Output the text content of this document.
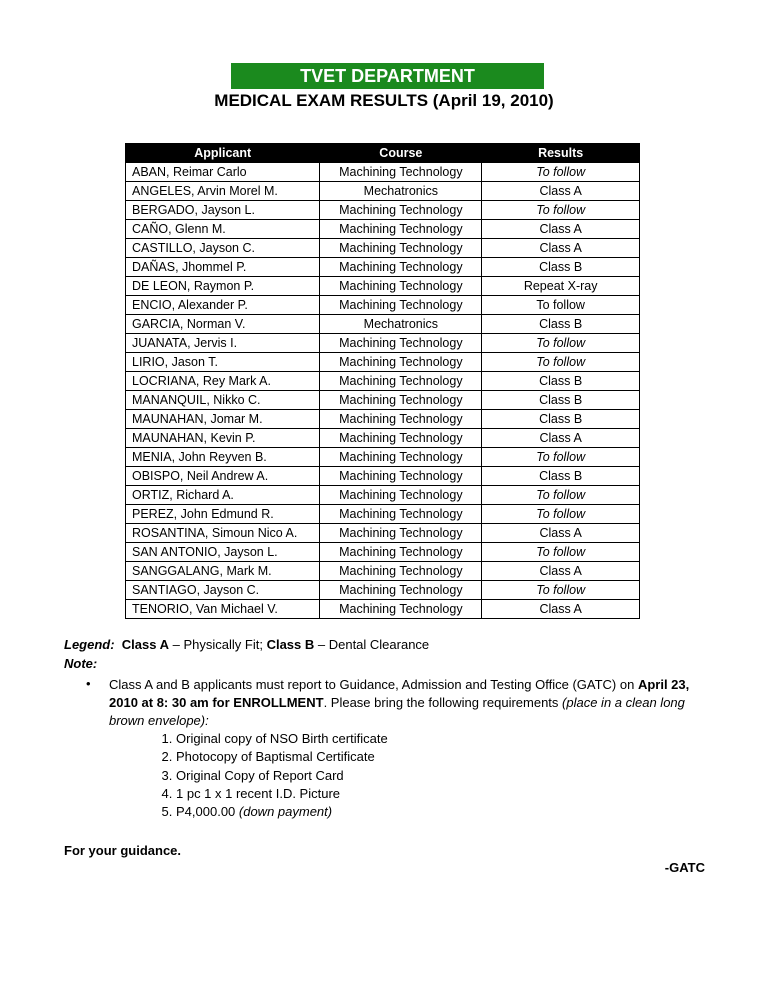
TVET DEPARTMENT
MEDICAL EXAM RESULTS (April 19, 2010)
Applicant	Course	Results
ABAN, Reimar Carlo	Machining Technology	To follow
ANGELES, Arvin Morel M.	Mechatronics	Class A
BERGADO, Jayson L.	Machining Technology	To follow
CAÑO, Glenn M.	Machining Technology	Class A
CASTILLO, Jayson C.	Machining Technology	Class A
DAÑAS, Jhommel P.	Machining Technology	Class B
DE LEON, Raymon P.	Machining Technology	Repeat X-ray
ENCIO, Alexander P.	Machining Technology	To follow
GARCIA, Norman V.	Mechatronics	Class B
JUANATA, Jervis I.	Machining Technology	To follow
LIRIO, Jason T.	Machining Technology	To follow
LOCRIANA, Rey Mark A.	Machining Technology	Class B
MANANQUIL, Nikko C.	Machining Technology	Class B
MAUNAHAN, Jomar M.	Machining Technology	Class B
MAUNAHAN, Kevin P.	Machining Technology	Class A
MENIA, John Reyven B.	Machining Technology	To follow
OBISPO, Neil Andrew A.	Machining Technology	Class B
ORTIZ, Richard A.	Machining Technology	To follow
PEREZ, John Edmund R.	Machining Technology	To follow
ROSANTINA, Simoun Nico A.	Machining Technology	Class A
SAN ANTONIO, Jayson L.	Machining Technology	To follow
SANGGALANG, Mark M.	Machining Technology	Class A
SANTIAGO, Jayson C.	Machining Technology	To follow
TENORIO, Van Michael V.	Machining Technology	Class A
Legend: Class A – Physically Fit; Class B – Dental Clearance
Note:
• Class A and B applicants must report to Guidance, Admission and Testing Office (GATC) on April 23, 2010 at 8: 30 am for ENROLLMENT. Please bring the following requirements (place in a clean long brown envelope):
1. Original copy of NSO Birth certificate
2. Photocopy of Baptismal Certificate
3. Original Copy of Report Card
4. 1 pc 1 x 1 recent I.D. Picture
5. P4,000.00 (down payment)
For your guidance.
-GATC
